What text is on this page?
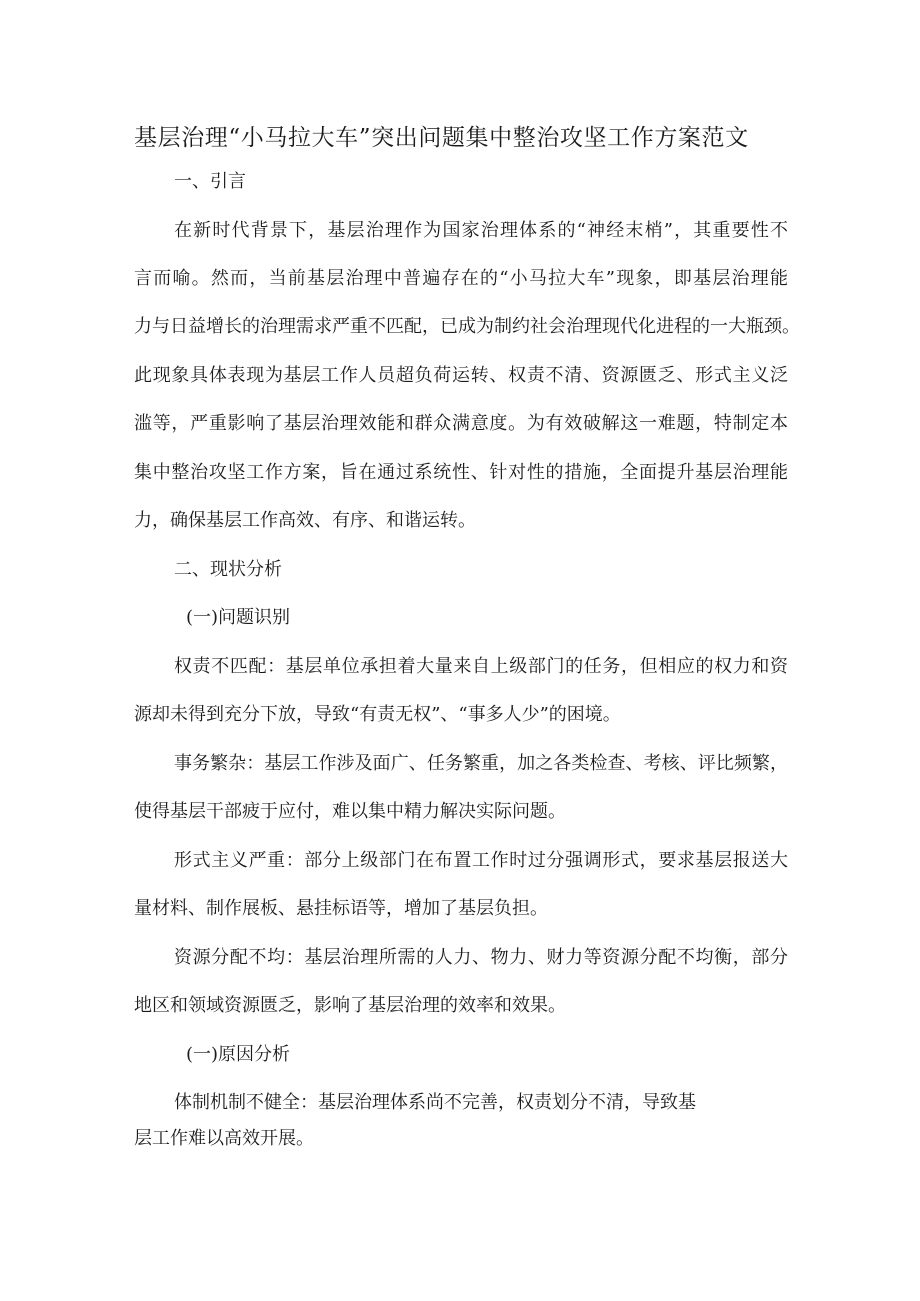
基层治理“小马拉大车”突出问题集中整治攻坚工作方案范文
一、引言
在新时代背景下，基层治理作为国家治理体系的“神经末梢”，其重要性不
言而喻。然而，当前基层治理中普遍存在的“小马拉大车”现象，即基层治理能
力与日益增长的治理需求严重不匹配，已成为制约社会治理现代化进程的一大瓶颈。
此现象具体表现为基层工作人员超负荷运转、权责不清、资源匮乏、形式主义泛
滥等，严重影响了基层治理效能和群众满意度。为有效破解这一难题，特制定本
集中整治攻坚工作方案，旨在通过系统性、针对性的措施，全面提升基层治理能
力，确保基层工作高效、有序、和谐运转。
二、现状分析
(一)问题识别
权责不匹配：基层单位承担着大量来自上级部门的任务，但相应的权力和资
源却未得到充分下放，导致“有责无权”、“事多人少”的困境。
事务繁杂：基层工作涉及面广、任务繁重，加之各类检查、考核、评比频繁，
使得基层干部疲于应付，难以集中精力解决实际问题。
形式主义严重：部分上级部门在布置工作时过分强调形式，要求基层报送大
量材料、制作展板、悬挂标语等，增加了基层负担。
资源分配不均：基层治理所需的人力、物力、财力等资源分配不均衡，部分
地区和领域资源匮乏，影响了基层治理的效率和效果。
(一)原因分析
体制机制不健全：基层治理体系尚不完善，权责划分不清，导致基
层工作难以高效开展。
